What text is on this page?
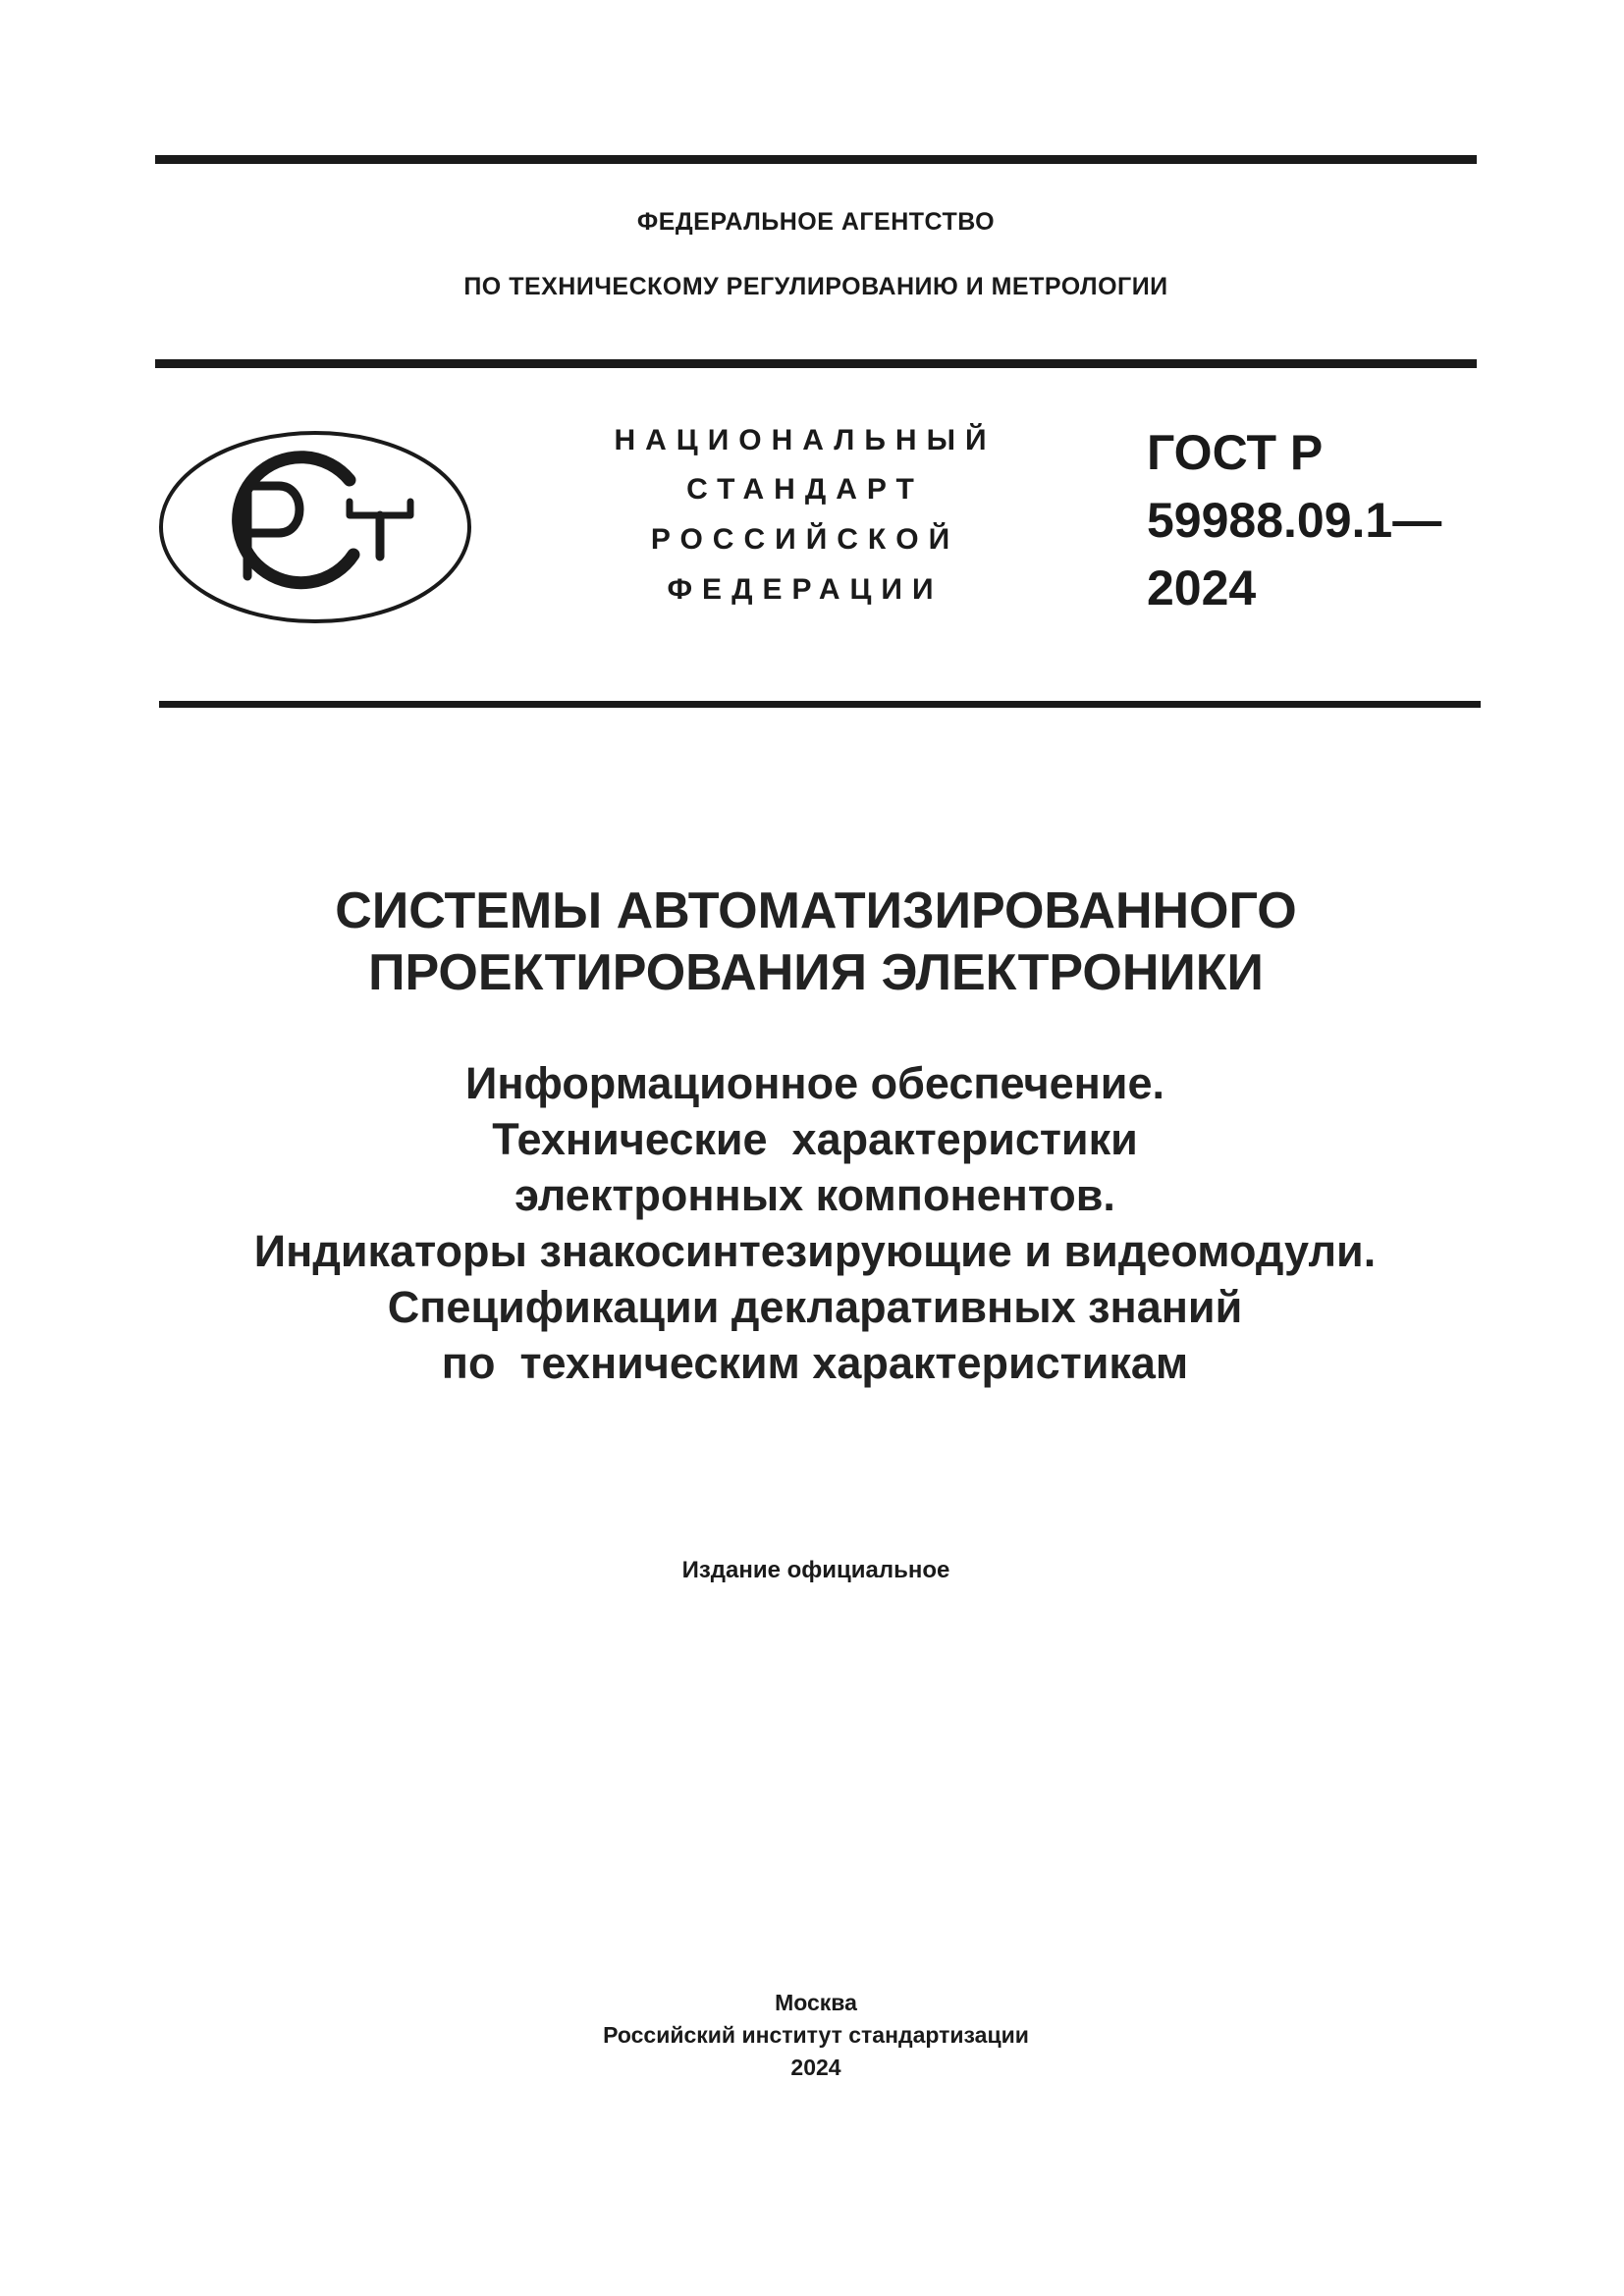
ФЕДЕРАЛЬНОЕ АГЕНТСТВО
ПО ТЕХНИЧЕСКОМУ РЕГУЛИРОВАНИЮ И МЕТРОЛОГИИ
НАЦИОНАЛЬНЫЙ
СТАНДАРТ
РОССИЙСКОЙ
ФЕДЕРАЦИИ
ГОСТ Р
59988.09.1—
2024
СИСТЕМЫ АВТОМАТИЗИРОВАННОГО
ПРОЕКТИРОВАНИЯ ЭЛЕКТРОНИКИ
Информационное обеспечение.
Технические  характеристики
электронных компонентов.
Индикаторы знакосинтезирующие и видеомодули.
Спецификации декларативных знаний
по  техническим характеристикам
Издание официальное
Москва
Российский институт стандартизации
2024
